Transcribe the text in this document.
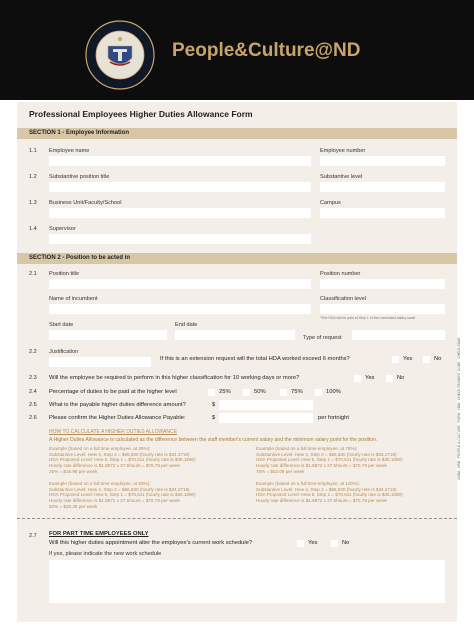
People&Culture@ND
Professional Employees Higher Duties Allowance Form
SECTION 1 - Employee Information
1.1 Employee name	Employee number
1.2 Substantive position title	Substantive level
1.3 Business Unit/Faculty/School	Campus
1.4 Supervisor
SECTION 2 - Position to be acted in
2.1 Position title	Position number
Name of incumbent	Classification level
*The HDA will be paid at Step 1 of the nominated salary scale
Start date	End date
Type of request
2.2 Justification
If this is an extension request will the total HDA worked exceed 6 months?	Yes	No
2.3 Will the employee be required to perform in this higher classification for 10 working days or more?	Yes	No
2.4 Percentage of duties to be paid at the higher level	25%	50%	75%	100%
2.5 What is the payable higher duties difference amount?	$
2.6 Please confirm the Higher Duties Allowance Payable:	$	per fortnight
HOW TO CALCULATE A HIGHER DUTIES ALLOWANCE
A Higher Duties Allowance is calculated as the difference between the staff member's current salary and the minimum salary point for the position.
Example (based on a full time employee, at 25%):
Substantive Level: Hew 4, Step 2 = $66,830 (hourly rate is $34.2718)
HDA Proposed Level: Hew 5, Step 1 = $70,511 (hourly rate is $36.1590)
Hourly rate difference is $1.8872 x 37.5hours = $70.78 per week
25% = $16.98 per week
Example (based on a full time employee, at 75%):
Substantive Level: Hew 4, Step 2 = $66,830 (hourly rate is $34.2718)
HDA Proposed Level: Hew 5, Step 1 = $70,511 (hourly rate is $36.1590)
Hourly rate difference is $1.8872 x 37.5hours = $70.78 per week
75% = $53.09 per week
Example (based on a full time employee, at 50%):
Substantive Level: Hew 4, Step 2 = $66,830 (hourly rate is $34.2718)
HDA Proposed Level: Hew 5, Step 1 = $70,511 (hourly rate is $36.1590)
Hourly rate difference is $1.8872 x 37.5hours = $70.78 per week
50% = $35.39 per week
Example (based on a full time employee, at 100%):
Substantive Level: Hew 4, Step 2 = $66,830 (hourly rate is $34.2718)
HDA Proposed Level: Hew 5, Step 1 = $70,511 (hourly rate is $36.1590)
Hourly rate difference is $1.8872 x 37.5hours = $70.78 per week
2.7 FOR PART TIME EMPLOYEES ONLY
Will this higher duties appointment alter the employee's current work schedule?	Yes	No
If yes, please indicate the new work schedule
UNDA - HRD · PEOPLE & CULTURE · FORM · HDA · CHECK PAYMENT CODE · CHECK PAGE
